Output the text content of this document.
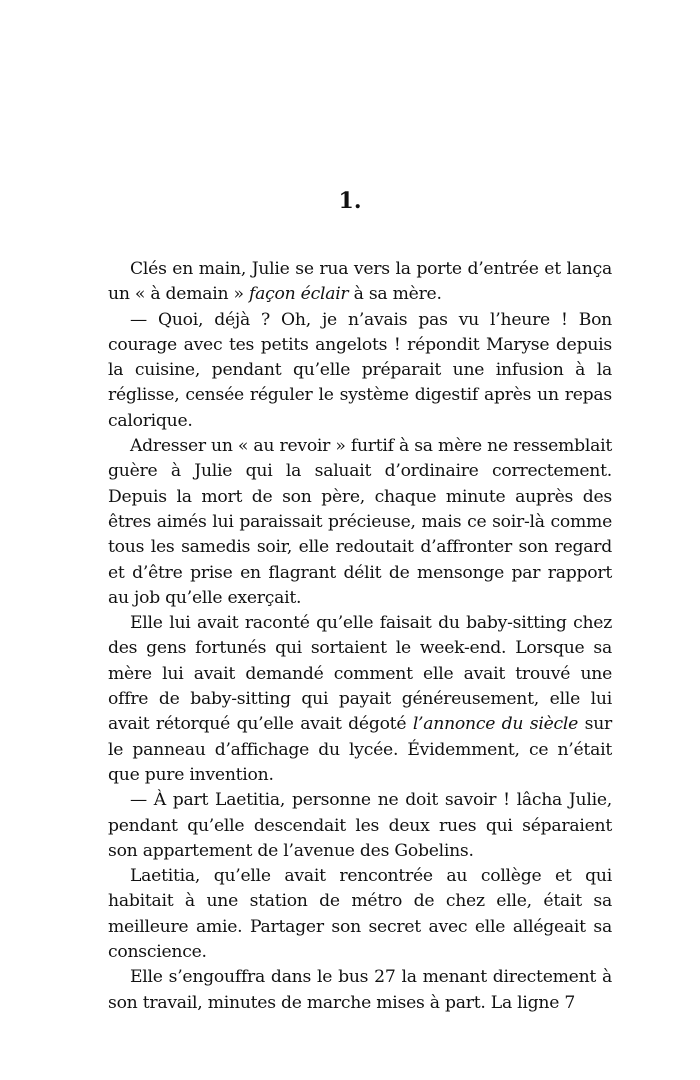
1.

Clés en main, Julie se rua vers la porte d’entrée et lança un « à demain » façon éclair à sa mère.

— Quoi, déjà ? Oh, je n’avais pas vu l’heure ! Bon courage avec tes petits angelots ! répondit Maryse depuis la cuisine, pendant qu’elle préparait une infusion à la réglisse, censée réguler le système digestif après un repas calorique.

Adresser un « au revoir » furtif à sa mère ne ressemblait guère à Julie qui la saluait d’ordinaire correctement. Depuis la mort de son père, chaque minute auprès des êtres aimés lui paraissait précieuse, mais ce soir-là comme tous les samedis soir, elle redoutait d’affronter son regard et d’être prise en flagrant délit de mensonge par rapport au job qu’elle exerçait.

Elle lui avait raconté qu’elle faisait du baby-sitting chez des gens fortunés qui sortaient le week-end. Lorsque sa mère lui avait demandé comment elle avait trouvé une offre de baby-sitting qui payait généreusement, elle lui avait rétorqué qu’elle avait dégoté l’annonce du siècle sur le panneau d’affichage du lycée. Évidemment, ce n’était que pure invention.

— À part Laetitia, personne ne doit savoir ! lâcha Julie, pendant qu’elle descendait les deux rues qui séparaient son appartement de l’avenue des Gobelins.

Laetitia, qu’elle avait rencontrée au collège et qui habitait à une station de métro de chez elle, était sa meilleure amie. Partager son secret avec elle allégeait sa conscience.

Elle s’engouffra dans le bus 27 la menant directement à son travail, minutes de marche mises à part. La ligne 7
